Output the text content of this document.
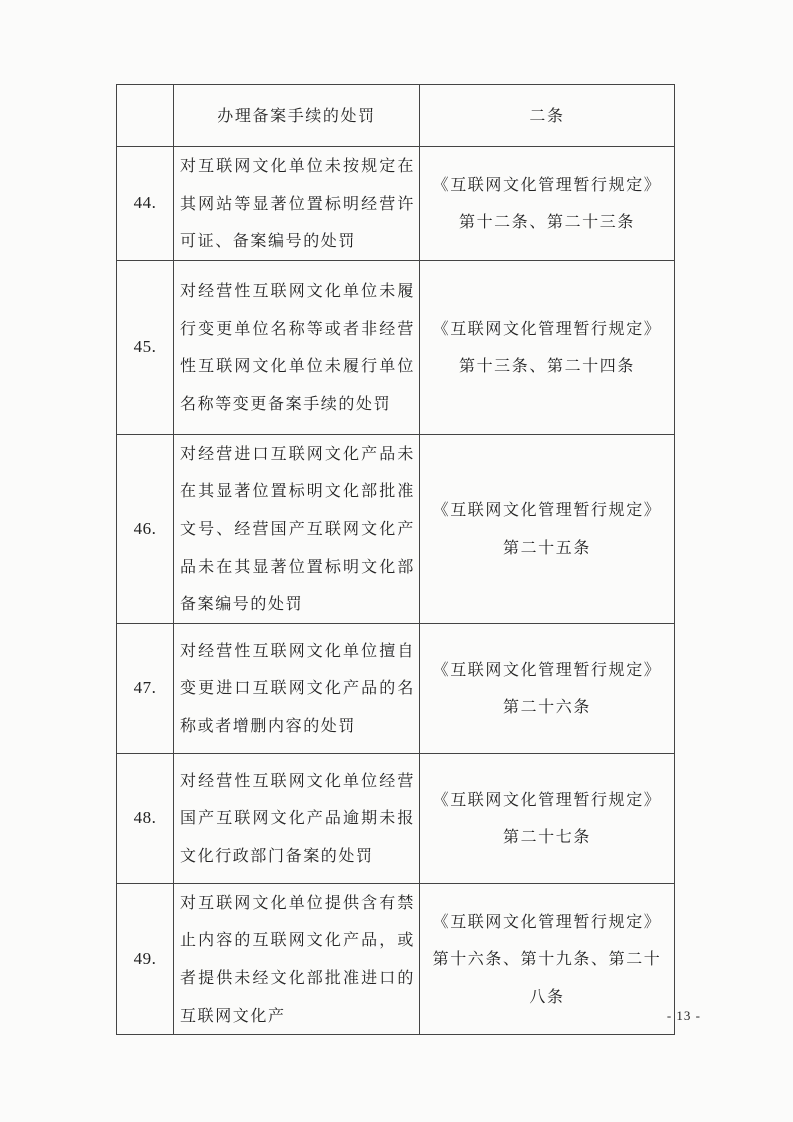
	办理备案手续的处罚	二条
44.	对互联网文化单位未按规定在其网站等显著位置标明经营许可证、备案编号的处罚	《互联网文化管理暂行规定》第十二条、第二十三条
45.	对经营性互联网文化单位未履行变更单位名称等或者非经营性互联网文化单位未履行单位名称等变更备案手续的处罚	《互联网文化管理暂行规定》第十三条、第二十四条
46.	对经营进口互联网文化产品未在其显著位置标明文化部批准文号、经营国产互联网文化产品未在其显著位置标明文化部备案编号的处罚	《互联网文化管理暂行规定》第二十五条
47.	对经营性互联网文化单位擅自变更进口互联网文化产品的名称或者增删内容的处罚	《互联网文化管理暂行规定》第二十六条
48.	对经营性互联网文化单位经营国产互联网文化产品逾期未报文化行政部门备案的处罚	《互联网文化管理暂行规定》第二十七条
49.	对互联网文化单位提供含有禁止内容的互联网文化产品，或者提供未经文化部批准进口的互联网文化产	《互联网文化管理暂行规定》第十六条、第十九条、第二十八条
- 13 -
